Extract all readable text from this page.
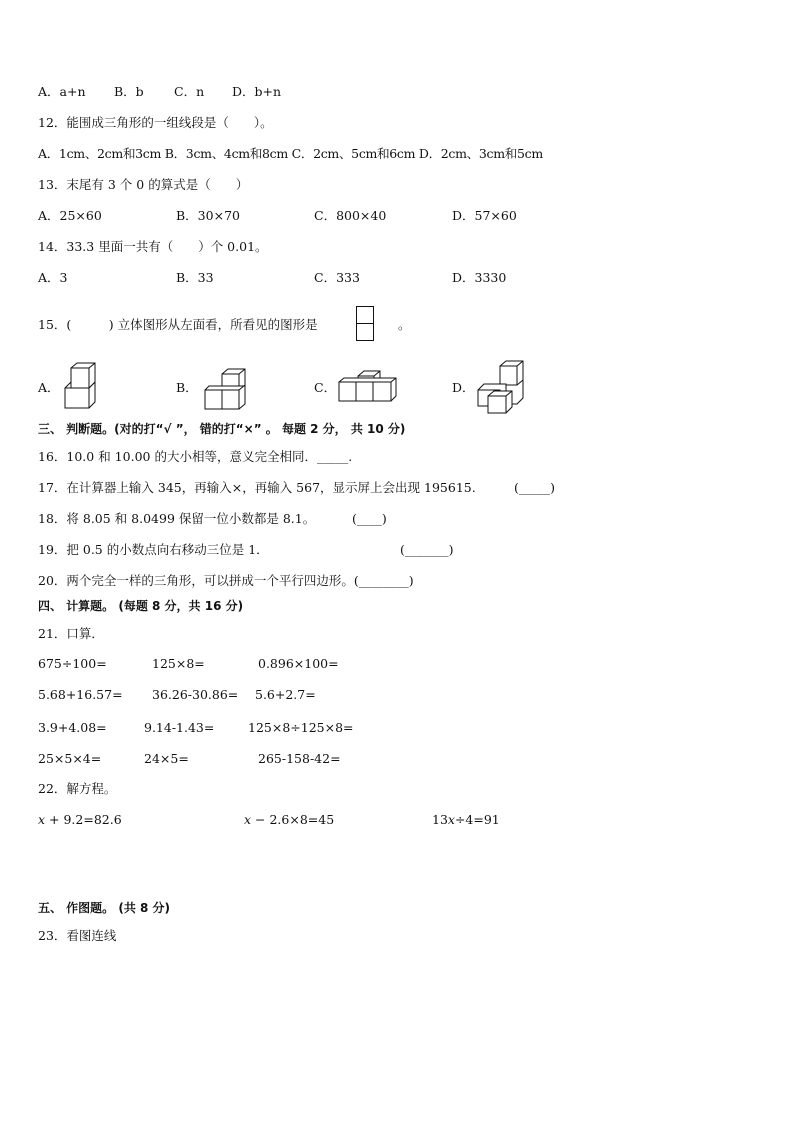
A．a+n B．b C．n D．b+n
12．能围成三角形的一组线段是（　　）。
A．1cm、2cm和3cm B．3cm、4cm和8cm C．2cm、5cm和6cm D．2cm、3cm和5cm
13．末尾有 3 个 0 的算式是（　　）
A．25×60	B．30×70	C．800×40	D．57×60
14．33.3 里面一共有（　　）个 0.01。
A．3	B．33	C．333	D．3330
15．(　　　) 立体图形从左面看，所看见的图形是	。
A．	B．	C．	D．
三、 判断题。(对的打“√ ”， 错的打“×” 。 每题 2 分， 共 10 分)
16．10.0 和 10.00 的大小相等，意义完全相同．_____.
17．在计算器上输入 345，再输入×，再输入 567，显示屏上会出现 195615.	(_____)
18．将 8.05 和 8.0499 保留一位小数都是 8.1。	(____)
19．把 0.5 的小数点向右移动三位是 1．	(_______)
20．两个完全一样的三角形，可以拼成一个平行四边形。(________)
四、 计算题。 (每题 8 分，共 16 分)
21．口算．
675÷100=	125×8=	0.896×100=
5.68+16.57= 36.26-30.86= 5.6+2.7=
3.9+4.08=	9.14-1.43=	125×8÷125×8=
25×5×4=	24×5=	265-158-42=
22．解方程。
𝑥 + 9.2=82.6	𝑥 − 2.6×8=45	13𝑥÷4=91
五、 作图题。 (共 8 分)
23．看图连线
